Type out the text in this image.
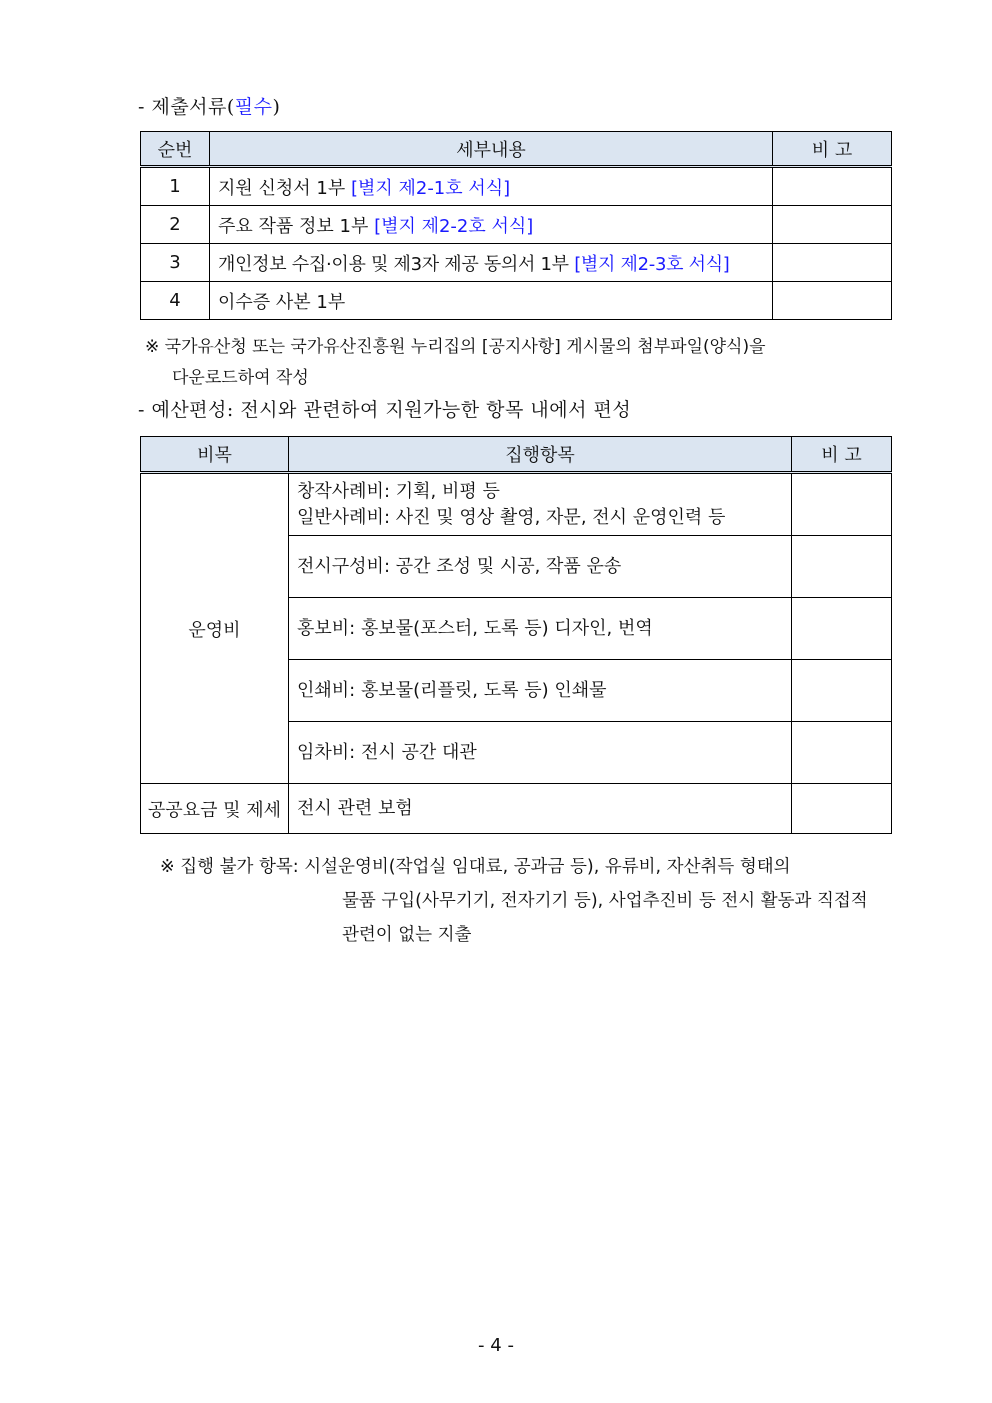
- 제출서류(필수)
순번	세부내용	비 고
1	지원 신청서 1부 [별지 제2-1호 서식]	
2	주요 작품 정보 1부 [별지 제2-2호 서식]	
3	개인정보 수집·이용 및 제3자 제공 동의서 1부 [별지 제2-3호 서식]	
4	이수증 사본 1부	
※ 국가유산청 또는 국가유산진흥원 누리집의 [공지사항] 게시물의 첨부파일(양식)을
다운로드하여 작성
- 예산편성: 전시와 관련하여 지원가능한 항목 내에서 편성
비목	집행항목	비 고
운영비	창작사례비: 기획, 비평 등
일반사례비: 사진 및 영상 촬영, 자문, 전시 운영인력 등	

	전시구성비: 공간 조성 및 시공, 작품 운송	
	홍보비: 홍보물(포스터, 도록 등) 디자인, 번역	
	인쇄비: 홍보물(리플릿, 도록 등) 인쇄물	
	임차비: 전시 공간 대관	
공공요금 및 제세	전시 관련 보험	
※ 집행 불가 항목: 시설운영비(작업실 임대료, 공과금 등), 유류비, 자산취득 형태의
물품 구입(사무기기, 전자기기 등), 사업추진비 등 전시 활동과 직접적
관련이 없는 지출
- 4 -
